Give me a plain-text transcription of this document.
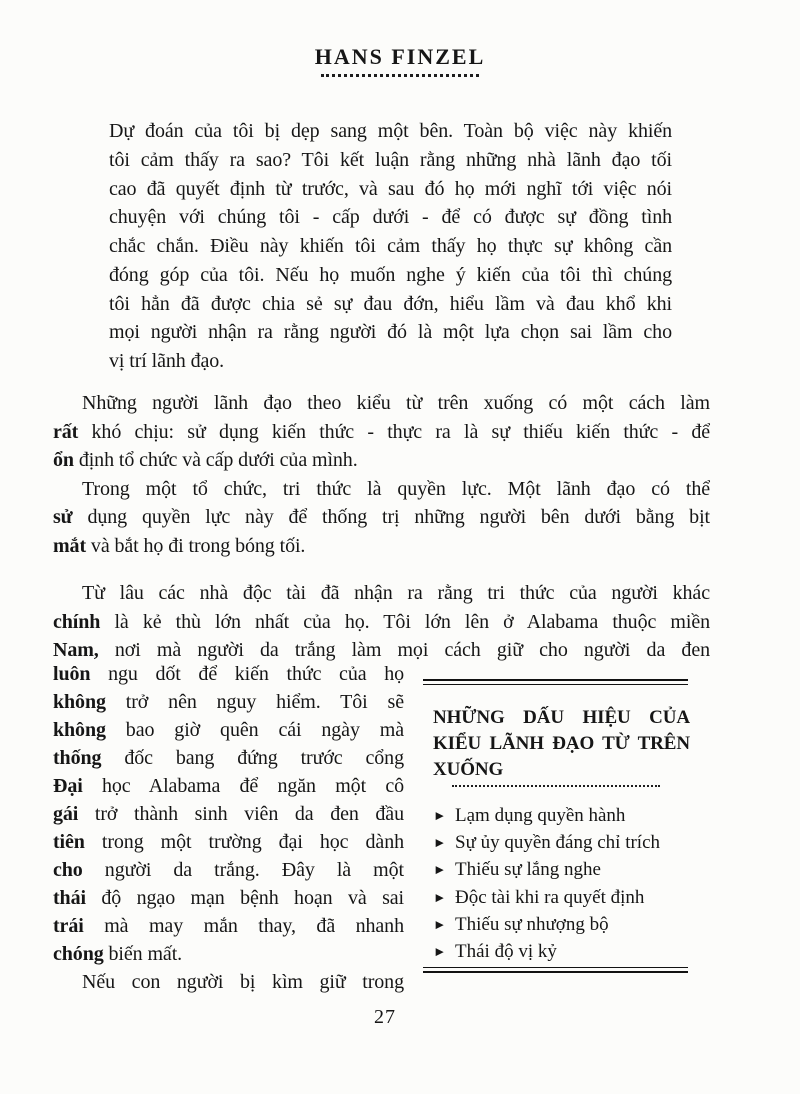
HANS FINZEL
Dự đoán của tôi bị dẹp sang một bên. Toàn bộ việc này khiến
tôi cảm thấy ra sao? Tôi kết luận rằng những nhà lãnh đạo tối
cao đã quyết định từ trước, và sau đó họ mới nghĩ tới việc nói
chuyện với chúng tôi - cấp dưới - để có được sự đồng tình
chắc chắn. Điều này khiến tôi cảm thấy họ thực sự không cần
đóng góp của tôi. Nếu họ muốn nghe ý kiến của tôi thì chúng
tôi hẳn đã được chia sẻ sự đau đớn, hiểu lầm và đau khổ khi
mọi người nhận ra rằng người đó là một lựa chọn sai lầm cho
vị trí lãnh đạo.
Những người lãnh đạo theo kiểu từ trên xuống có một cách làm
rất khó chịu: sử dụng kiến thức - thực ra là sự thiếu kiến thức - để
ổn định tổ chức và cấp dưới của mình.
Trong một tổ chức, tri thức là quyền lực. Một lãnh đạo có thể
sử dụng quyền lực này để thống trị những người bên dưới bằng bịt
mắt và bắt họ đi trong bóng tối.
Từ lâu các nhà độc tài đã nhận ra rằng tri thức của người khác
chính là kẻ thù lớn nhất của họ. Tôi lớn lên ở Alabama thuộc miền
Nam, nơi mà người da trắng làm mọi cách giữ cho người da đen
luôn ngu dốt để kiến thức của họ
không trở nên nguy hiểm. Tôi sẽ
không bao giờ quên cái ngày mà
thống đốc bang đứng trước cổng
Đại học Alabama để ngăn một cô
gái trở thành sinh viên da đen đầu
tiên trong một trường đại học dành
cho người da trắng. Đây là một
thái độ ngạo mạn bệnh hoạn và sai
trái mà may mắn thay, đã nhanh
chóng biến mất.
Nếu con người bị kìm giữ trong
NHỮNG DẤU HIỆU CỦA
KIỂU LÃNH ĐẠO TỪ TRÊN
XUỐNG
► Lạm dụng quyền hành
► Sự ủy quyền đáng chỉ trích
► Thiếu sự lắng nghe
► Độc tài khi ra quyết định
► Thiếu sự nhượng bộ
► Thái độ vị kỷ
27
